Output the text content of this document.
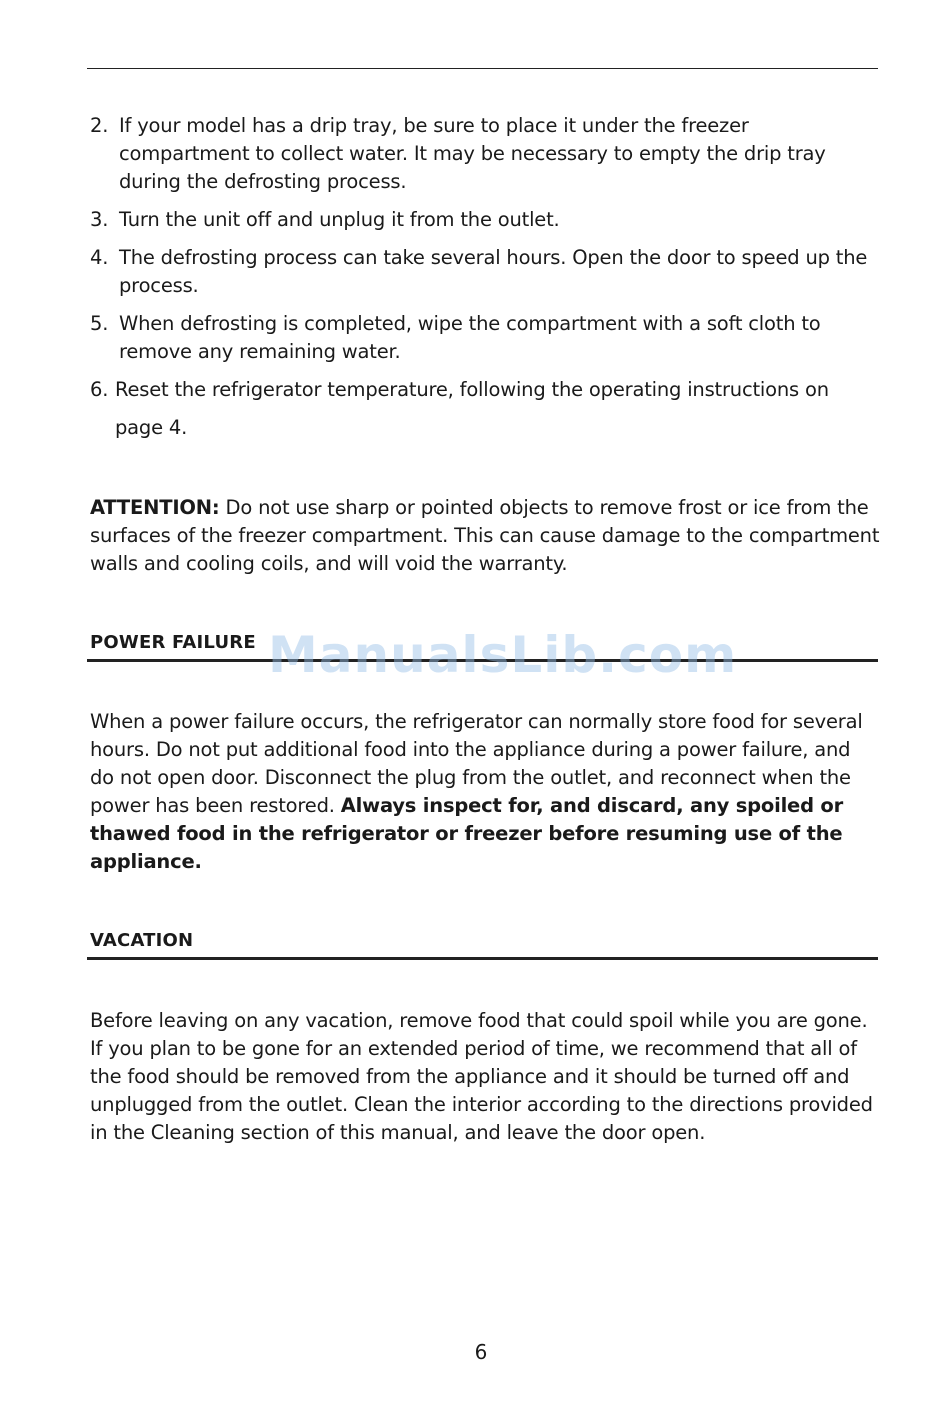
2. If your model has a drip tray, be sure to place it under the freezer compartment to collect water. It may be necessary to empty the drip tray during the defrosting process.
3. Turn the unit off and unplug it from the outlet.
4. The defrosting process can take several hours. Open the door to speed up the process.
5. When defrosting is completed, wipe the compartment with a soft cloth to remove any remaining water.
6. Reset the refrigerator temperature, following the operating instructions on page 4.

ATTENTION: Do not use sharp or pointed objects to remove frost or ice from the surfaces of the freezer compartment. This can cause damage to the compartment walls and cooling coils, and will void the warranty.

POWER FAILURE ManualsLib.com

When a power failure occurs, the refrigerator can normally store food for several hours. Do not put additional food into the appliance during a power failure, and do not open door. Disconnect the plug from the outlet, and reconnect when the power has been restored. Always inspect for, and discard, any spoiled or thawed food in the refrigerator or freezer before resuming use of the appliance.

VACATION

Before leaving on any vacation, remove food that could spoil while you are gone. If you plan to be gone for an extended period of time, we recommend that all of the food should be removed from the appliance and it should be turned off and unplugged from the outlet. Clean the interior according to the directions provided in the Cleaning section of this manual, and leave the door open.

6
